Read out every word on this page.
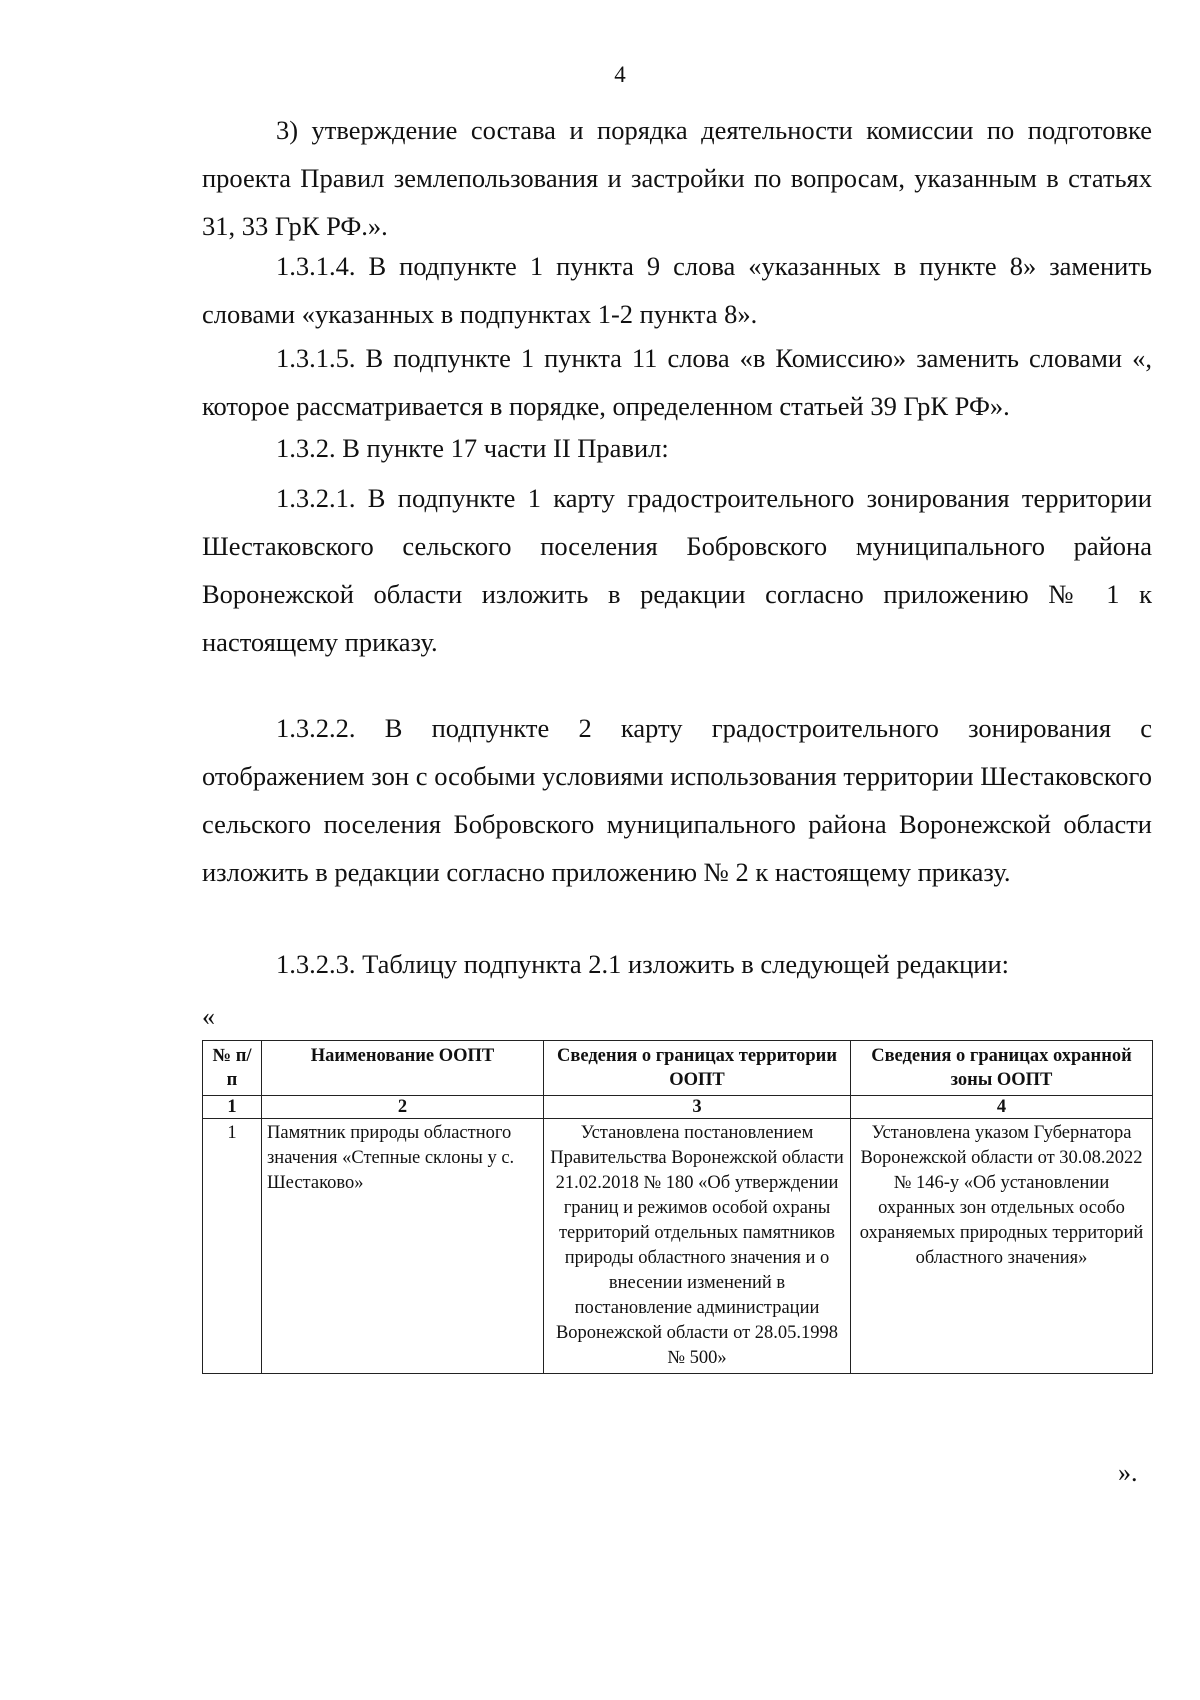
4

3) утверждение состава и порядка деятельности комиссии по подготовке проекта Правил землепользования и застройки по вопросам, указанным в статьях 31, 33 ГрК РФ.».

1.3.1.4. В подпункте 1 пункта 9 слова «указанных в пункте 8» заменить словами «указанных в подпунктах 1-2 пункта 8».

1.3.1.5. В подпункте 1 пункта 11 слова «в Комиссию» заменить словами «, которое рассматривается в порядке, определенном статьей 39 ГрК РФ».

1.3.2. В пункте 17 части II Правил:

1.3.2.1. В подпункте 1 карту градостроительного зонирования территории Шестаковского сельского поселения Бобровского муниципального района Воронежской области изложить в редакции согласно приложению № 1 к настоящему приказу.

1.3.2.2. В подпункте 2 карту градостроительного зонирования с отображением зон с особыми условиями использования территории Шестаковского сельского поселения Бобровского муниципального района Воронежской области изложить в редакции согласно приложению № 2 к настоящему приказу.

1.3.2.3. Таблицу подпункта 2.1 изложить в следующей редакции:

«
№ п/п	Наименование ООПТ	Сведения о границах территории ООПТ	Сведения о границах охранной зоны ООПТ
1	2	3	4
1	Памятник природы областного значения «Степные склоны у с. Шестаково»	Установлена постановлением Правительства Воронежской области 21.02.2018 № 180 «Об утверждении границ и режимов особой охраны территорий отдельных памятников природы областного значения и о внесении изменений в постановление администрации Воронежской области от 28.05.1998 № 500»	Установлена указом Губернатора Воронежской области от 30.08.2022 № 146-у «Об установлении охранных зон отдельных особо охраняемых природных территорий областного значения»
».
